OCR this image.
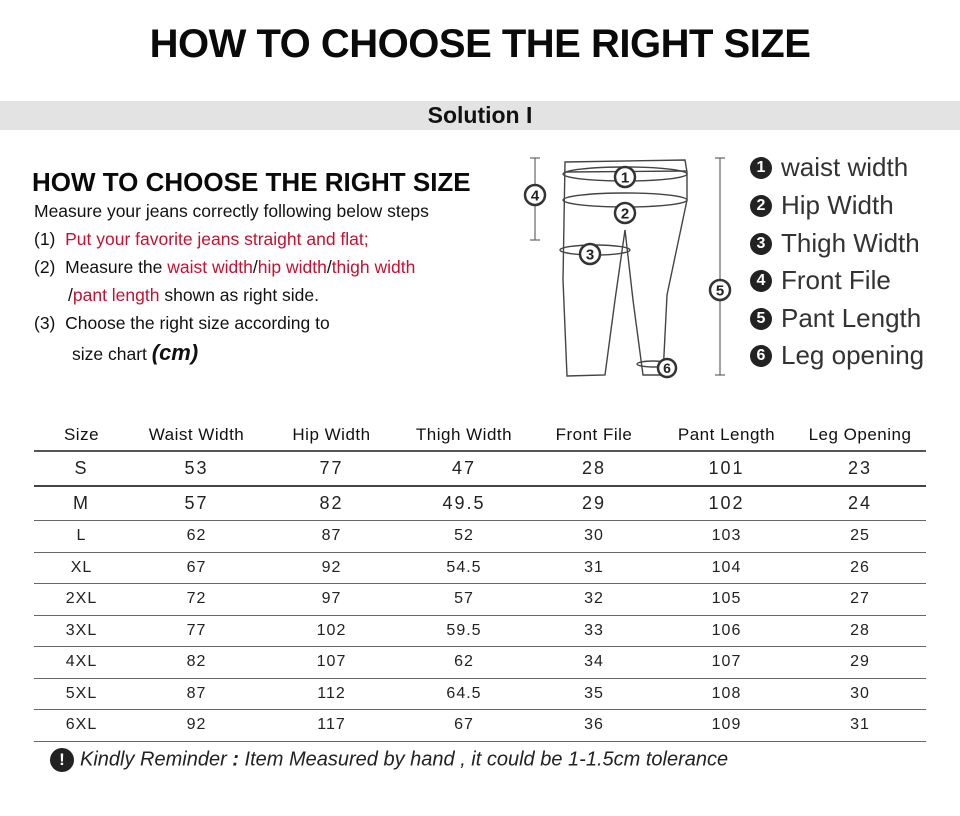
HOW TO CHOOSE THE RIGHT SIZE
Solution I
HOW TO CHOOSE THE RIGHT SIZE
Measure your jeans correctly following below steps
(1) Put your favorite jeans straight and flat;
(2) Measure the waist width/hip width/thigh width
/pant length shown as right side.
(3) Choose the right size according to
size chart (cm)
1
2
3
4
5
6
1 waist width
2 Hip Width
3 Thigh Width
4 Front File
5 Pant Length
6 Leg opening
Size	Waist Width	Hip Width	Thigh Width	Front File	Pant Length	Leg Opening
S	53	77	47	28	101	23
M	57	82	49.5	29	102	24
L	62	87	52	30	103	25
XL	67	92	54.5	31	104	26
2XL	72	97	57	32	105	27
3XL	77	102	59.5	33	106	28
4XL	82	107	62	34	107	29
5XL	87	112	64.5	35	108	30
6XL	92	117	67	36	109	31
! Kindly Reminder : Item Measured by hand , it could be 1-1.5cm tolerance
